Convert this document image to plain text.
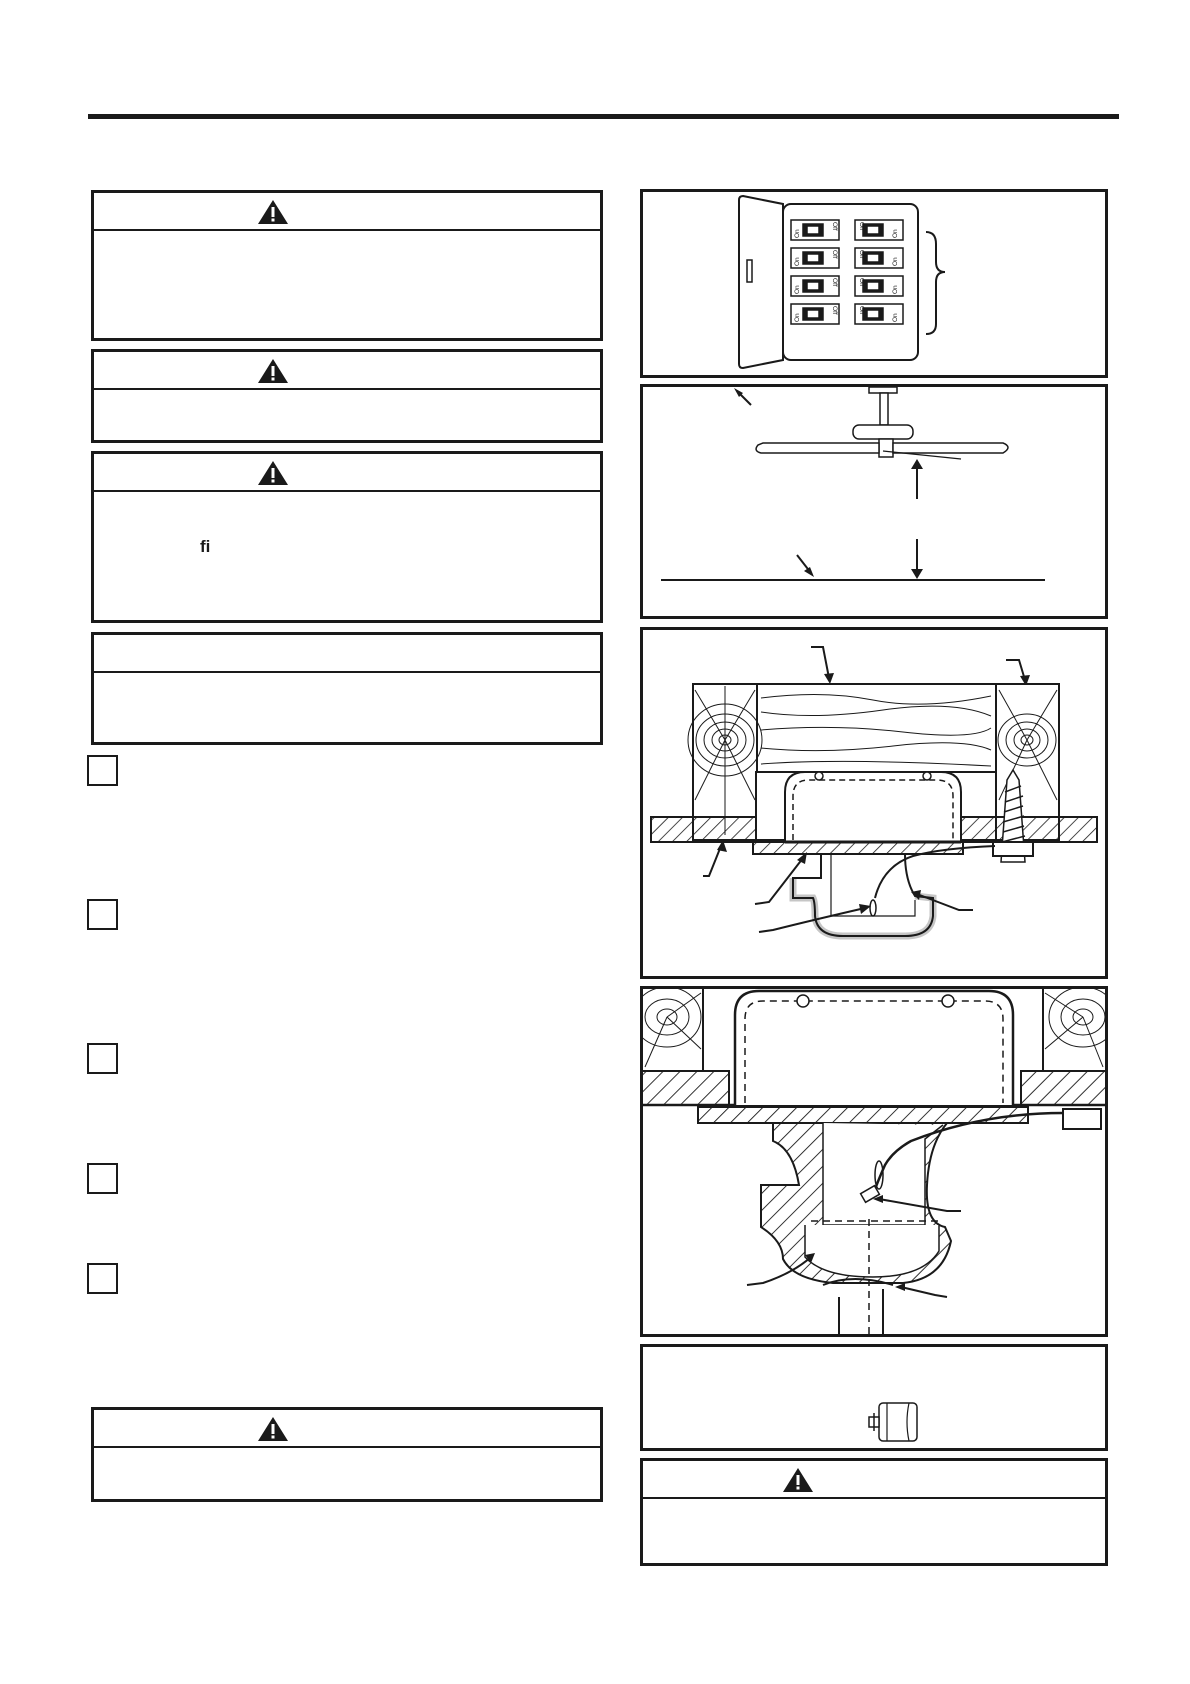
fi
On
Off
On
Off
On
Off
On
Off
Off
On
Off
On
Off
On
Off
On
